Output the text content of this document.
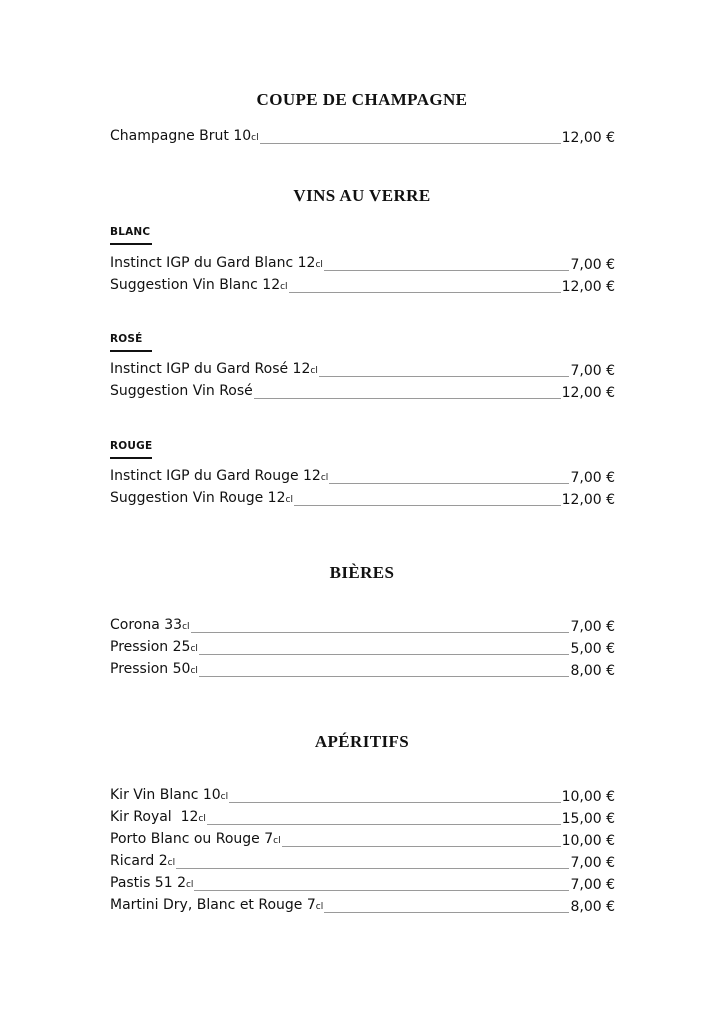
COUPE DE CHAMPAGNE
Champagne Brut 10cl	12,00 €
VINS AU VERRE
BLANC
Instinct IGP du Gard Blanc 12cl	7,00 €
Suggestion Vin Blanc 12cl	12,00 €
ROSÉ
Instinct IGP du Gard Rosé 12cl	7,00 €
Suggestion Vin Rosé	12,00 €
ROUGE
Instinct IGP du Gard Rouge 12cl	7,00 €
Suggestion Vin Rouge 12cl	12,00 €
BIÈRES
Corona 33cl	7,00 €
Pression 25cl	5,00 €
Pression 50cl	8,00 €
APÉRITIFS
Kir Vin Blanc 10cl	10,00 €
Kir Royal  12cl	15,00 €
Porto Blanc ou Rouge 7cl	10,00 €
Ricard 2cl	7,00 €
Pastis 51 2cl	7,00 €
Martini Dry, Blanc et Rouge 7cl	8,00 €
